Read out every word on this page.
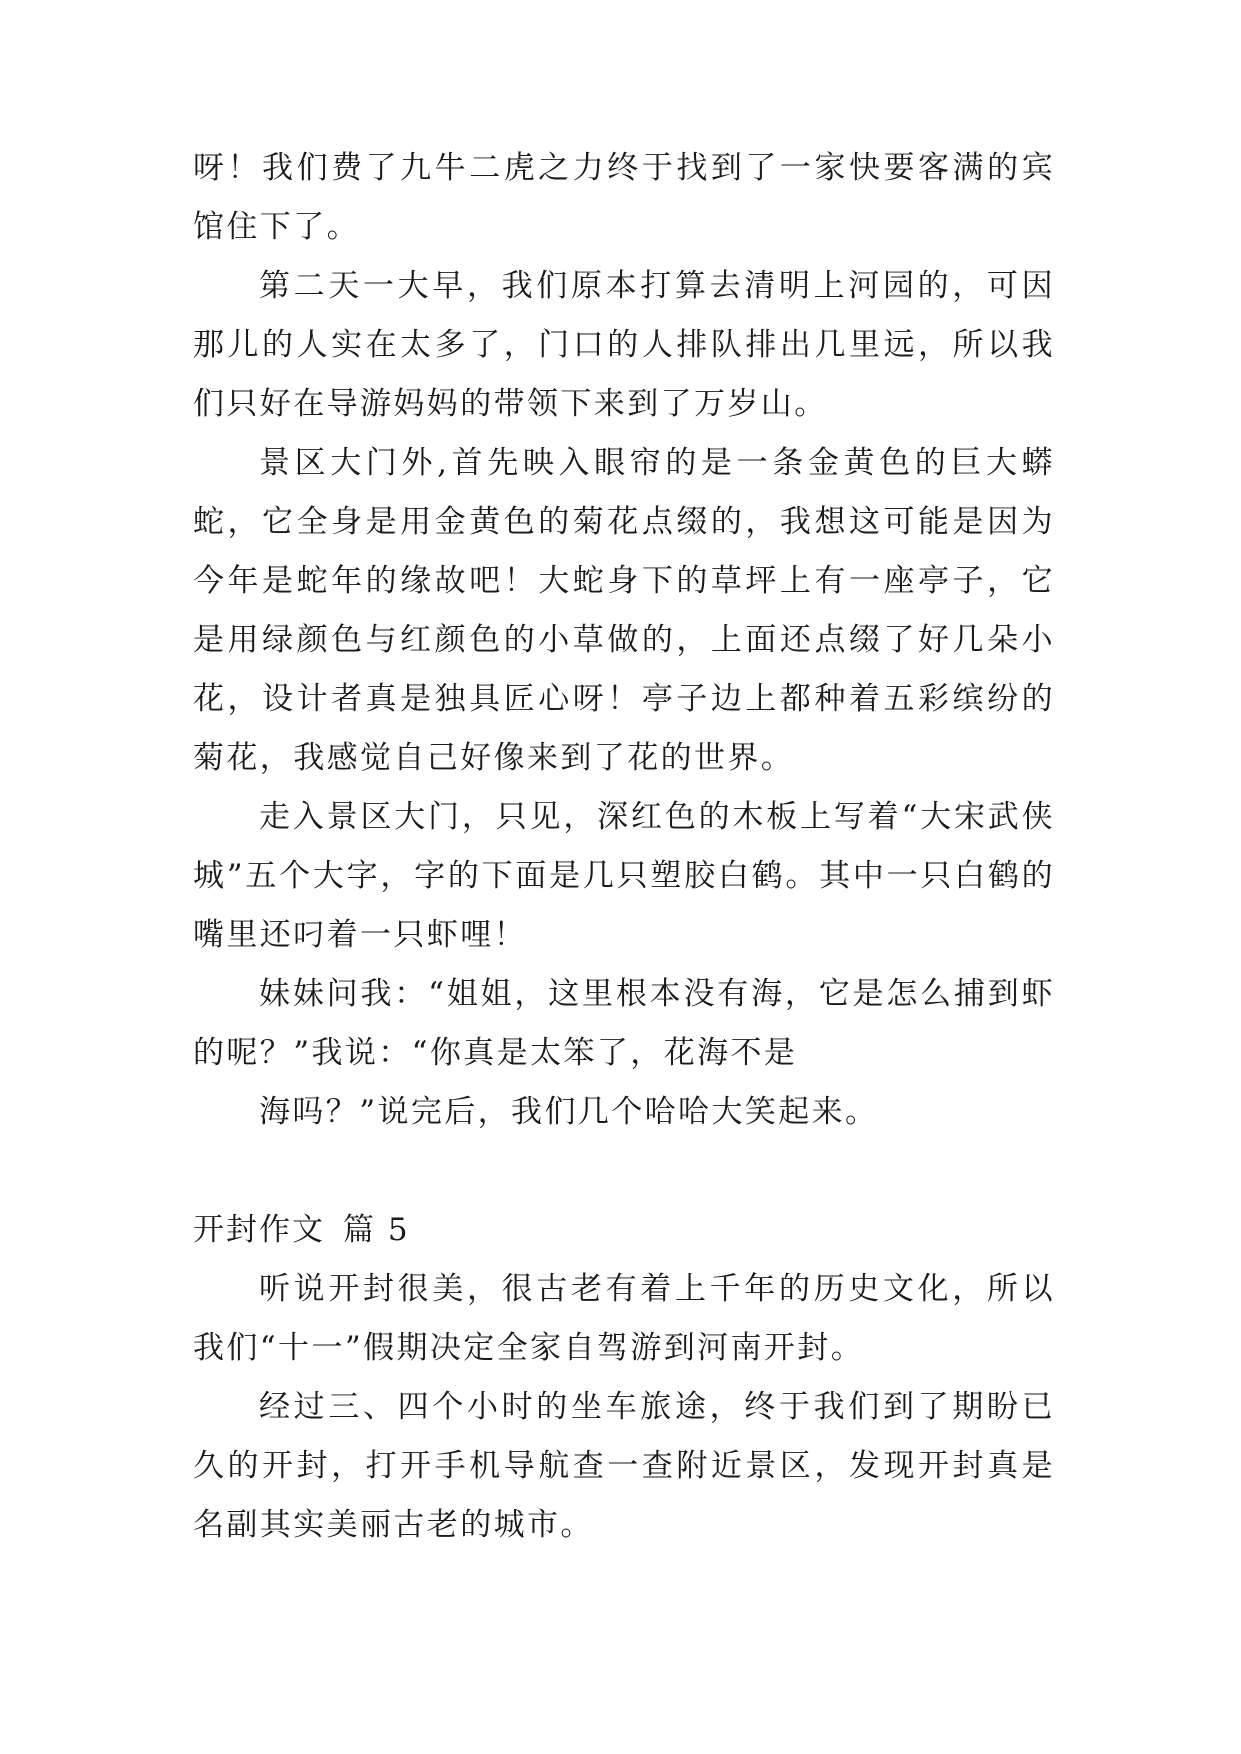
呀！我们费了九牛二虎之力终于找到了一家快要客满的宾馆住下了。
第二天一大早，我们原本打算去清明上河园的，可因那儿的人实在太多了，门口的人排队排出几里远，所以我们只好在导游妈妈的带领下来到了万岁山。
景区大门外,首先映入眼帘的是一条金黄色的巨大蟒蛇，它全身是用金黄色的菊花点缀的，我想这可能是因为今年是蛇年的缘故吧！大蛇身下的草坪上有一座亭子，它是用绿颜色与红颜色的小草做的，上面还点缀了好几朵小花，设计者真是独具匠心呀！亭子边上都种着五彩缤纷的菊花，我感觉自己好像来到了花的世界。
走入景区大门，只见，深红色的木板上写着“大宋武侠城”五个大字，字的下面是几只塑胶白鹤。其中一只白鹤的嘴里还叼着一只虾哩！
妹妹问我：“姐姐，这里根本没有海，它是怎么捕到虾的呢？”我说：“你真是太笨了，花海不是
海吗？”说完后，我们几个哈哈大笑起来。
开封作文 篇 5
听说开封很美，很古老有着上千年的历史文化，所以我们“十一”假期决定全家自驾游到河南开封。
经过三、四个小时的坐车旅途，终于我们到了期盼已久的开封，打开手机导航查一查附近景区，发现开封真是名副其实美丽古老的城市。
